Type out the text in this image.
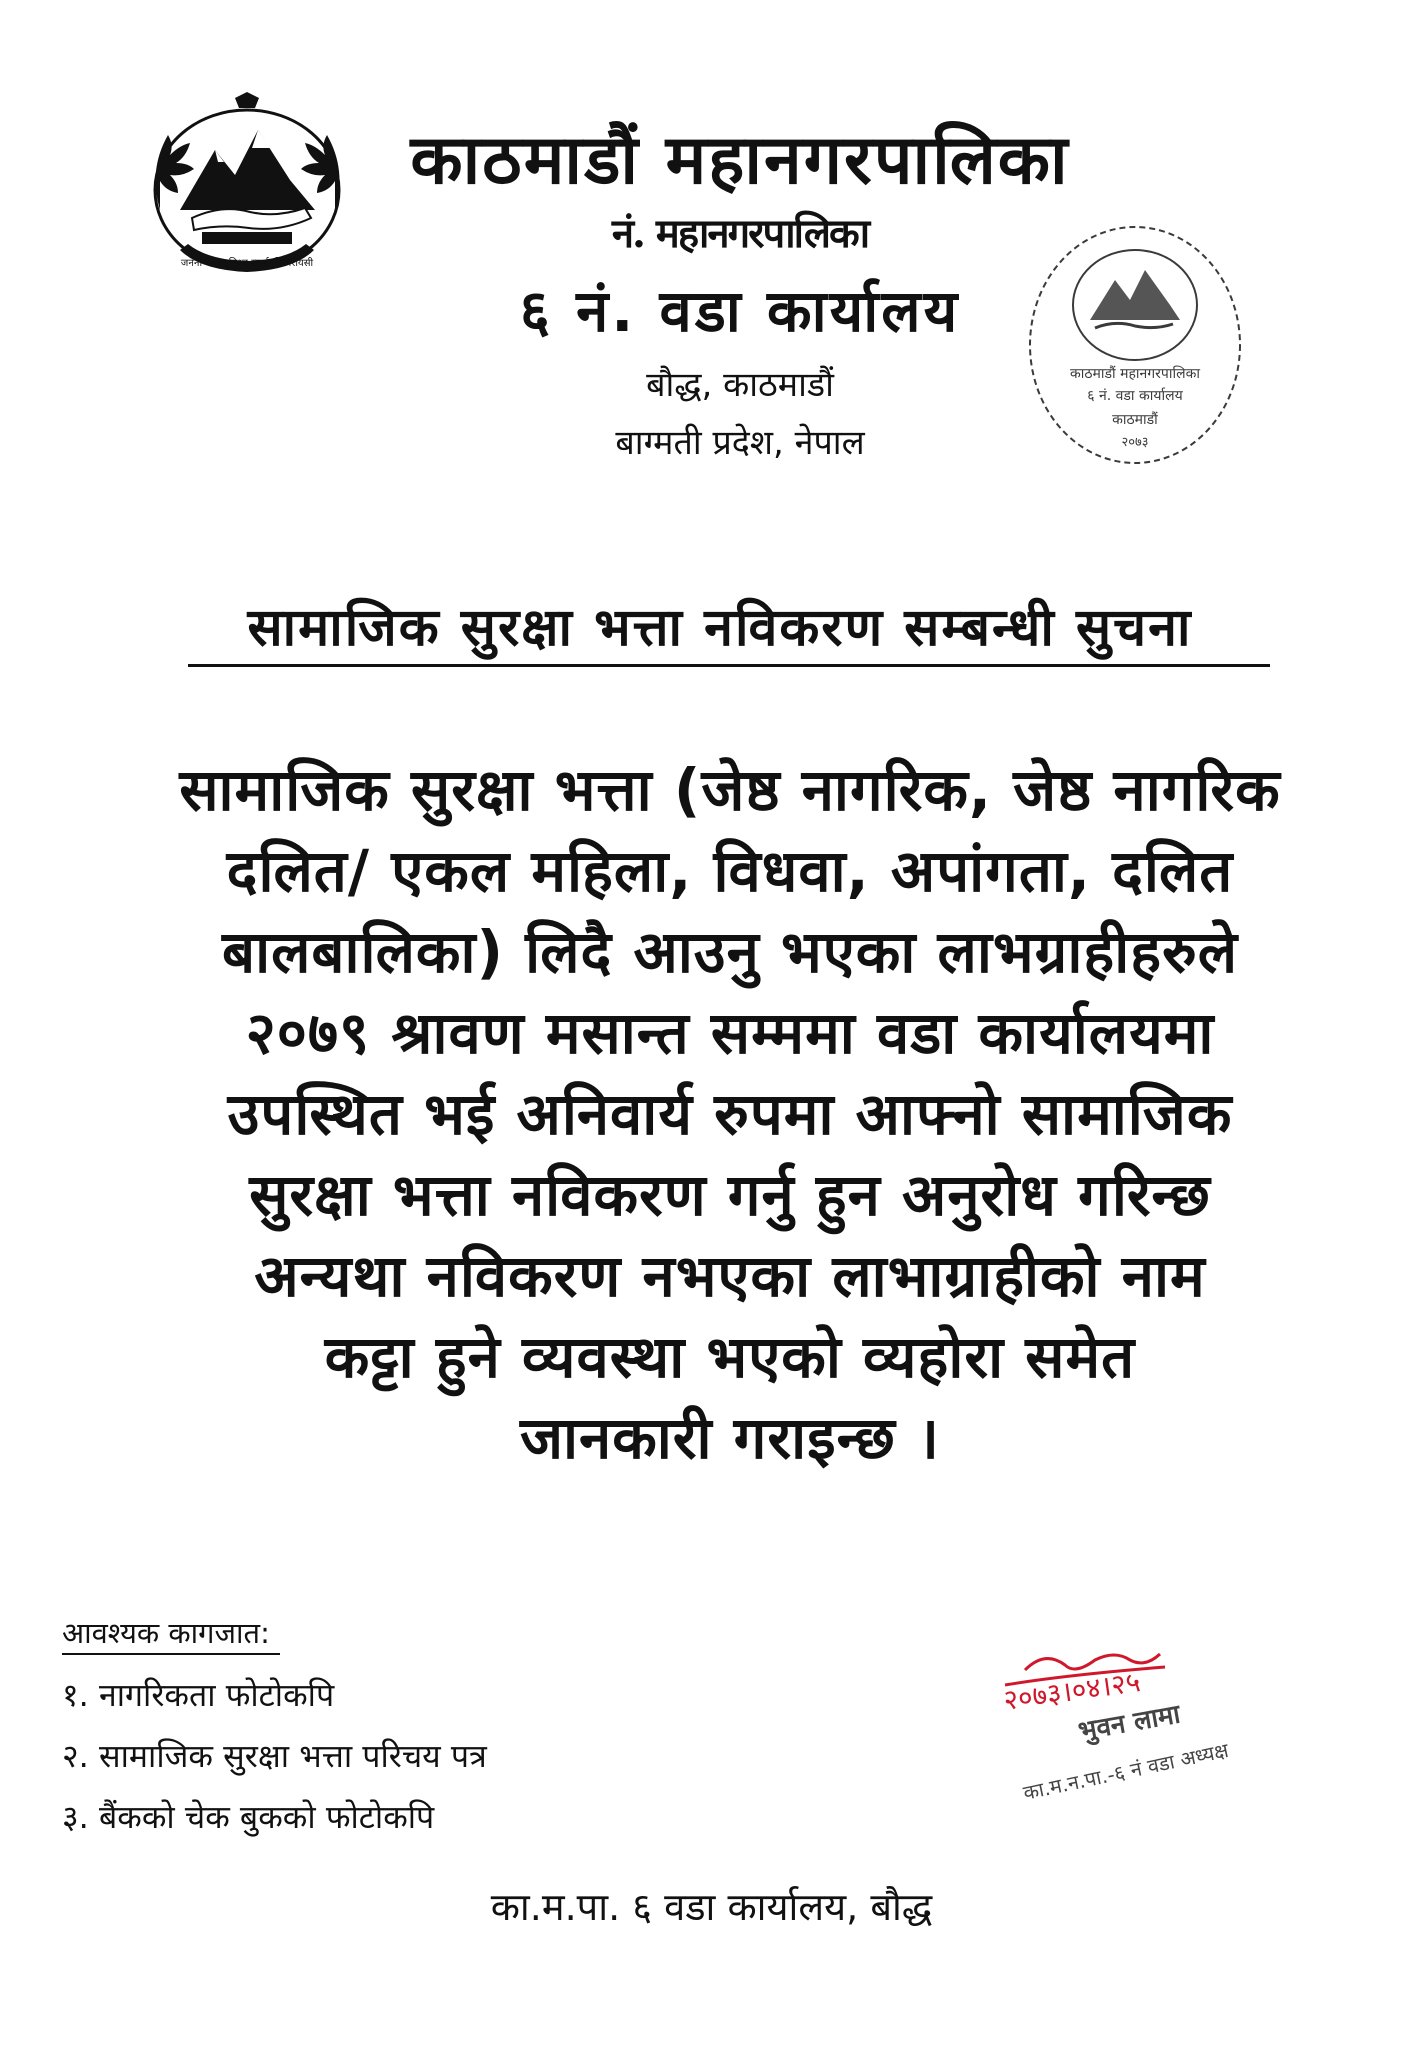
जननी जन्मभूमिश्च स्वर्गादपि गरीयसी
काठमाडौं महानगरपालिका
नं. महानगरपालिका
६ नं. वडा कार्यालय
बौद्ध, काठमाडौं
बाग्मती प्रदेश, नेपाल
काठमाडौं महानगरपालिका
६ नं. वडा कार्यालय
काठमाडौं
२०७३
सामाजिक सुरक्षा भत्ता नविकरण सम्बन्धी सुचना
सामाजिक सुरक्षा भत्ता (जेष्ठ नागरिक, जेष्ठ नागरिक
दलित/ एकल महिला, विधवा, अपांगता, दलित
बालबालिका) लिदै आउनु भएका लाभग्राहीहरुले
२०७९ श्रावण मसान्त सम्ममा वडा कार्यालयमा
उपस्थित भई अनिवार्य रुपमा आफ्नो सामाजिक
सुरक्षा भत्ता नविकरण गर्नु हुन अनुरोध गरिन्छ
अन्यथा नविकरण नभएका लाभाग्राहीको नाम
कट्टा हुने व्यवस्था भएको व्यहोरा समेत
जानकारी गराइन्छ ।
आवश्यक कागजात:
१. नागरिकता फोटोकपि
२. सामाजिक सुरक्षा भत्ता परिचय पत्र
३. बैंकको चेक बुकको फोटोकपि
२०७३।०४।२५
भुवन लामा
का.म.न.पा.-६ नं वडा अध्यक्ष
का.म.पा. ६ वडा कार्यालय, बौद्ध
